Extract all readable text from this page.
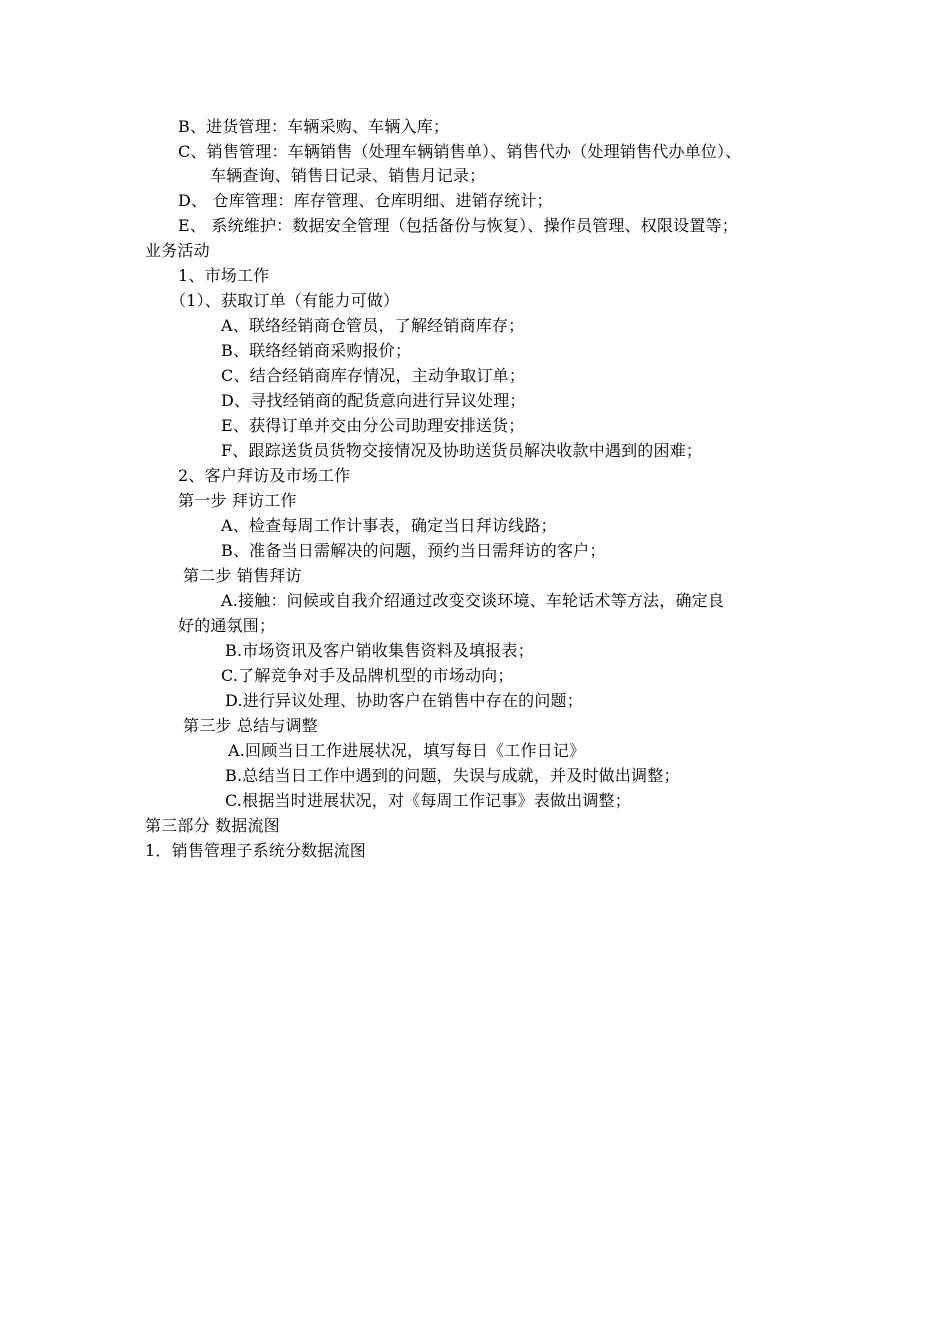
B、进货管理：车辆采购、车辆入库；
C、销售管理：车辆销售（处理车辆销售单）、销售代办（处理销售代办单位）、
车辆查询、销售日记录、销售月记录；
D、 仓库管理：库存管理、仓库明细、进销存统计；
E、 系统维护：数据安全管理（包括备份与恢复）、操作员管理、权限设置等；
业务活动
1、市场工作
（1）、获取订单（有能力可做）
A、联络经销商仓管员，了解经销商库存；
B、联络经销商采购报价；
C、结合经销商库存情况，主动争取订单；
D、寻找经销商的配货意向进行异议处理；
E、获得订单并交由分公司助理安排送货；
F、跟踪送货员货物交接情况及协助送货员解决收款中遇到的困难；
2、客户拜访及市场工作
第一步 拜访工作
A、检查每周工作计事表，确定当日拜访线路；
B、准备当日需解决的问题，预约当日需拜访的客户；
第二步 销售拜访
A.接触：问候或自我介绍通过改变交谈环境、车轮话术等方法，确定良
好的通氛围；
B.市场资讯及客户销收集售资料及填报表；
C.了解竞争对手及品牌机型的市场动向；
D.进行异议处理、协助客户在销售中存在的问题；
第三步 总结与调整
A.回顾当日工作进展状况，填写每日《工作日记》
B.总结当日工作中遇到的问题，失误与成就，并及时做出调整；
C.根据当时进展状况，对《每周工作记事》表做出调整；
第三部分 数据流图
1．销售管理子系统分数据流图
